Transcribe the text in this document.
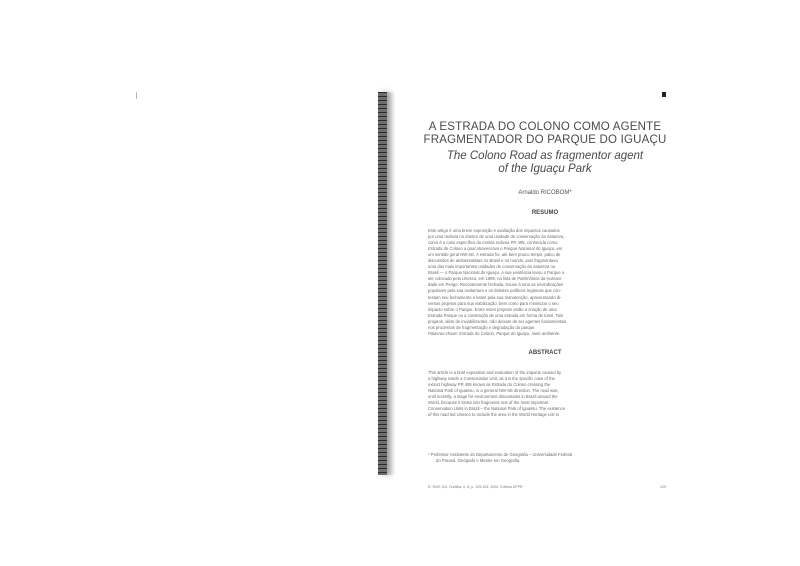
A ESTRADA DO COLONO COMO AGENTE
FRAGMENTADOR DO PARQUE DO IGUAÇU
The Colono Road as fragmentor agent
of the Iguaçu Park
Arnaldo RICOBOM*
RESUMO

Este artigo é uma breve exposição e avaliação dos impactos causados

por uma rodovia no interior de uma unidade de conservação da natureza,

como é o caso específico da extinta rodovia PR 495, conhecida como

Estrada do Colono a qual atravessava o Parque Nacional do Iguaçu, em

um sentido geral NW-SE. A estrada foi, até bem pouco tempo, palco de

discussões de ambientalistas no Brasil e no mundo, pois fragmentava

uma das mais importantes unidades de conservação da natureza no

Brasil — o Parque Nacional do Iguaçu. A sua existência levou o Parque a

ser colocado pela Unesco, em 1999, na lista de Patrimônios da Humani-

dade em Perigo. Recentemente fechada, trouxe à tona as reivindicações

populares pela sua reabertura e os debates políticos regionais que con-

testam seu fechamento e lutam pela sua manutenção, apresentando di-

versos projetos para sua viabilização, bem como para minimizar o seu

impacto sobre o Parque. Entre estes projetos estão a criação de uma

Estrada Parque ou a construção de uma estrada em forma de túnel. Tais

projetos, além de inviabilizantes, não deixam de ser agentes fundamentais

nos processos de fragmentação e degradação do parque.

Palavras-chave: Estrada do Colono, Parque do Iguaçu, meio ambiente.

ABSTRACT

This article is a brief exposition and evaluation of the impacts caused by

a highway inside a Conservation Unit, as it is the specific case of the

extinct highway PR 495 known as Estrada do Colono crossing the

National Park of Iguassu, in a general NW-SE direction. The road was,

until recently, a stage for environment discussions in Brazil around the

World, because it broke into fragments one of the most important

Conservation Units in Brazil – the National Park of Iguassu. The existence

of this road led Unesco to include the area in the World Heritage List in

* Professor Assistente do Departamento de Geografia – Universidade Federal
do Paraná. Geógrafo e Mestre em Geografia.
R. RA'E GA, Curitiba, n. 6, p. 129-153, 2002. Editora UFPR	129
